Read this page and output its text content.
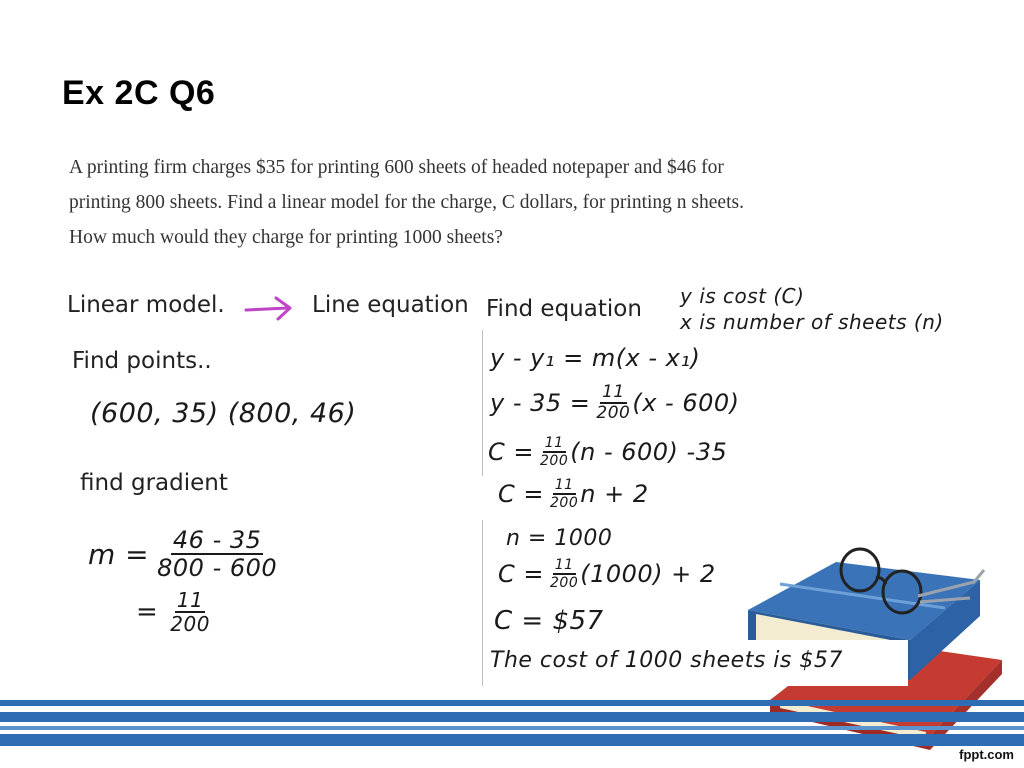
Ex 2C Q6
A printing firm charges $35 for printing 600 sheets of headed notepaper and $46 for
printing 800 sheets. Find a linear model for the charge, C dollars, for printing n sheets.
How much would they charge for printing 1000 sheets?
Linear model.	Line equation
Find points..
(600, 35) (800, 46)
find gradient
$m = \frac{46 - 35}{800 - 600}$
= $\frac{11}{200}$
Find equation y is cost (C)
x is number of sheets (n)
y - y₁ = m(x - x₁)
$y - 35 = \frac{11}{200} (x - 600)$
$C = \frac{11}{200} (n - 600)$ -35
$C = \frac{11}{200}$ n + 2
n = 1000
$C = \frac{11}{200} (1000) + 2$
C = $57
The cost of 1000 sheets is $57
fppt.com
